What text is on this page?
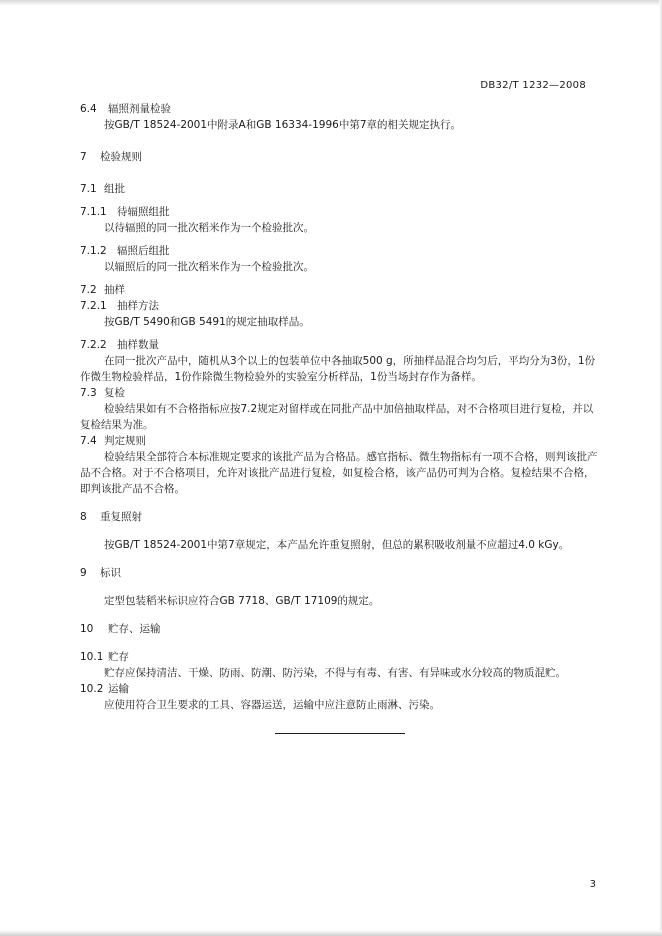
DB32/T 1232—2008
6.4 辐照剂量检验
按GB/T 18524-2001中附录A和GB 16334-1996中第7章的相关规定执行。
7 检验规则
7.1 组批
7.1.1 待辐照组批
以待辐照的同一批次稻米作为一个检验批次。
7.1.2 辐照后组批
以辐照后的同一批次稻米作为一个检验批次。
7.2 抽样
7.2.1 抽样方法
按GB/T 5490和GB 5491的规定抽取样品。
7.2.2 抽样数量
在同一批次产品中，随机从3个以上的包装单位中各抽取500 g，所抽样品混合均匀后，平均分为3份，1份作微生物检验样品，1份作除微生物检验外的实验室分析样品，1份当场封存作为备样。
7.3 复检
检验结果如有不合格指标应按7.2规定对留样或在同批产品中加倍抽取样品，对不合格项目进行复检，并以复检结果为准。
7.4 判定规则
检验结果全部符合本标准规定要求的该批产品为合格品。感官指标、微生物指标有一项不合格，则判该批产品不合格。对于不合格项目，允许对该批产品进行复检，如复检合格，该产品仍可判为合格。复检结果不合格，即判该批产品不合格。
8 重复照射
按GB/T 18524-2001中第7章规定，本产品允许重复照射，但总的累积吸收剂量不应超过4.0 kGy。
9 标识
定型包装稻米标识应符合GB 7718、GB/T 17109的规定。
10 贮存、运输
10.1 贮存
贮存应保持清洁、干燥、防雨、防潮、防污染，不得与有毒、有害、有异味或水分较高的物质混贮。
10.2 运输
应使用符合卫生要求的工具、容器运送，运输中应注意防止雨淋、污染。
3
